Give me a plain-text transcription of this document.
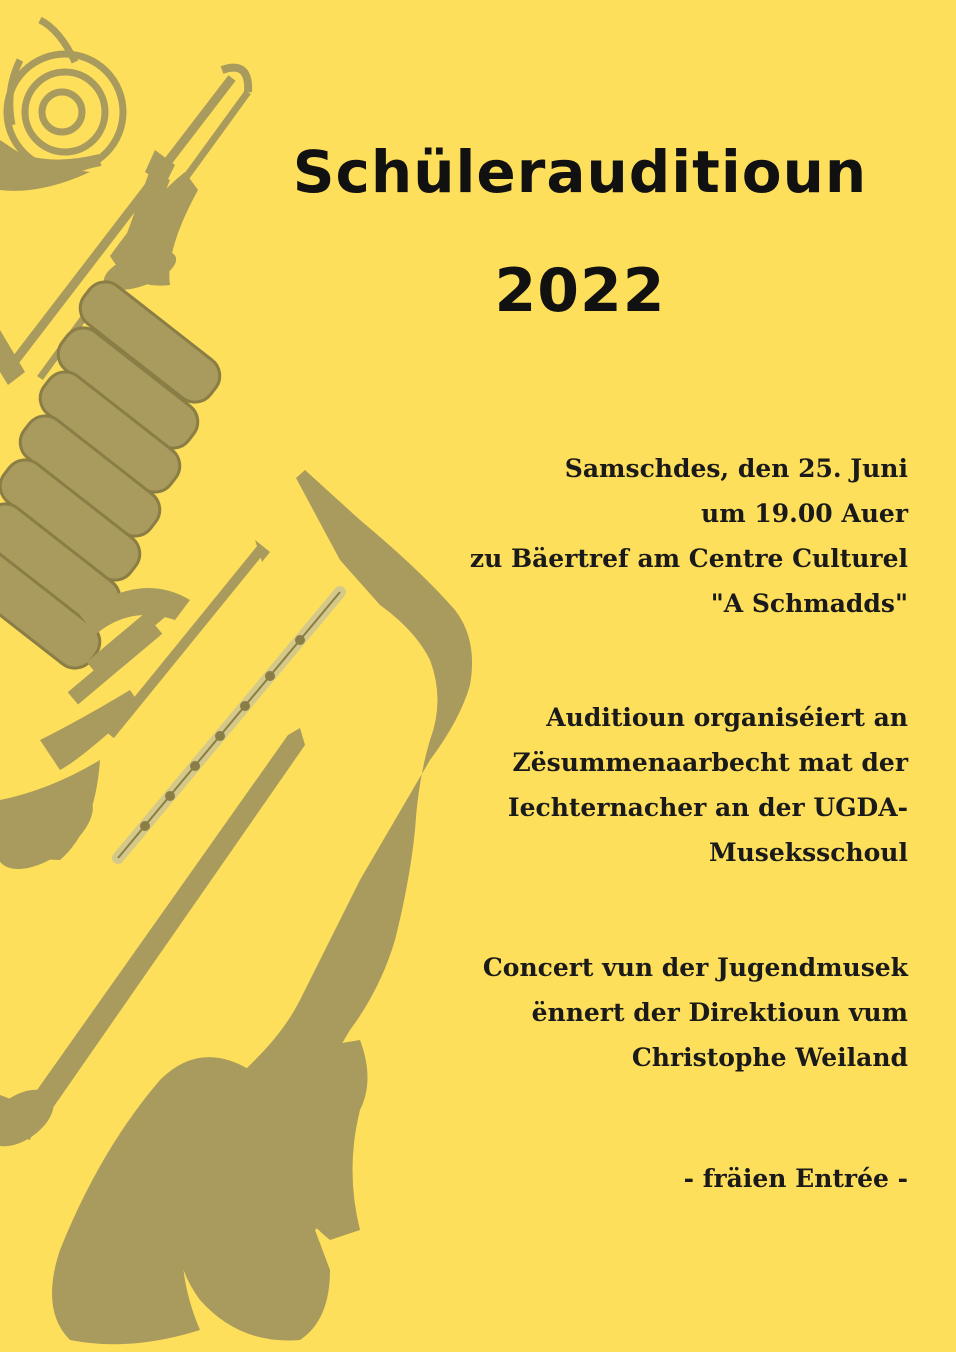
Schülerauditioun
2022
Samschdes, den 25. Juni
um 19.00 Auer
zu Bäertref am Centre Culturel
"A Schmadds"
Auditioun organiséiert an
Zësummenaarbecht mat der
Iechternacher an der UGDA-
Museksschoul
Concert vun der Jugendmusek
ënnert der Direktioun vum
Christophe Weiland
- fräien Entrée -
